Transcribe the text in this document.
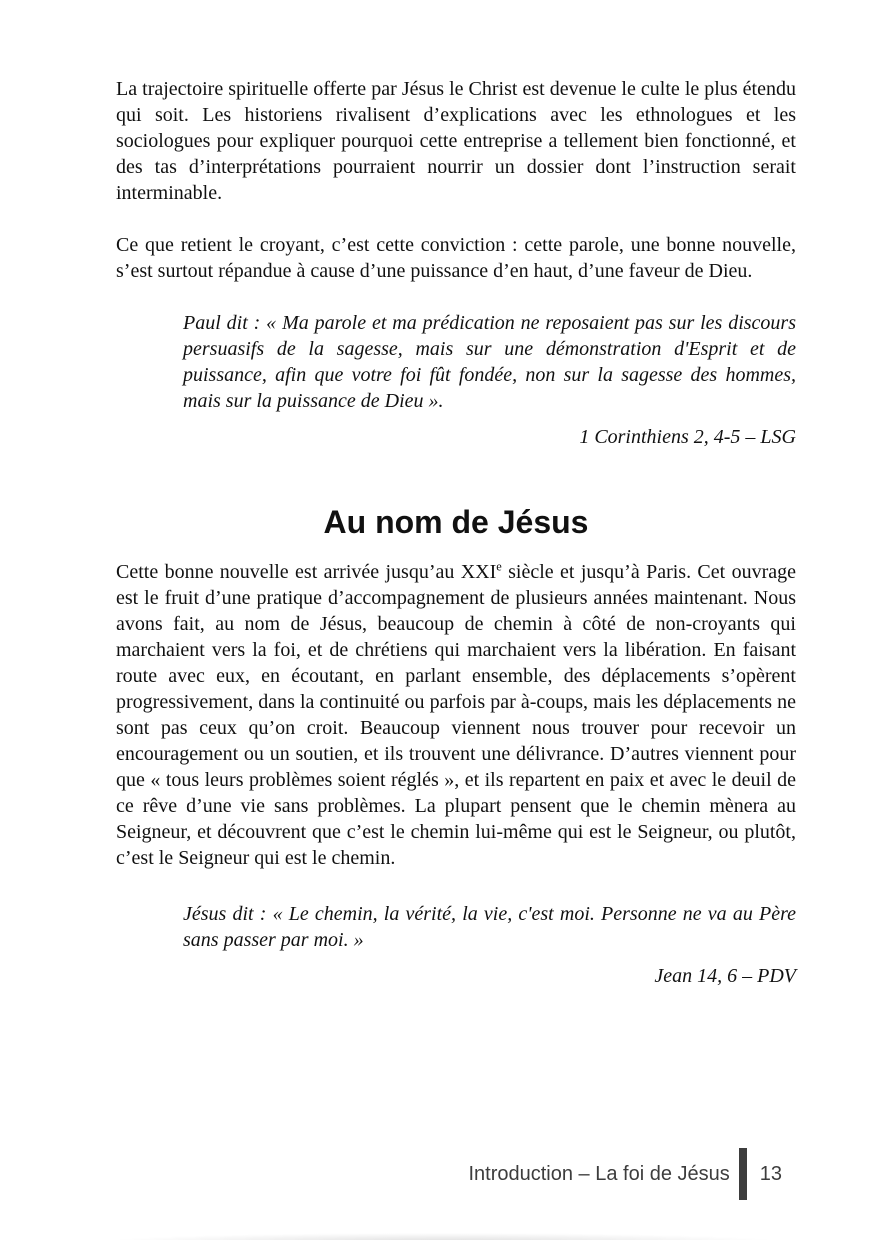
La trajectoire spirituelle offerte par Jésus le Christ est devenue le culte le plus étendu qui soit. Les historiens rivalisent d’explications avec les ethnologues et les sociologues pour expliquer pourquoi cette entreprise a tellement bien fonctionné, et des tas d’interprétations pourraient nourrir un dossier dont l’instruction serait interminable.

Ce que retient le croyant, c’est cette conviction : cette parole, une bonne nouvelle, s’est surtout répandue à cause d’une puissance d’en haut, d’une faveur de Dieu.

Paul dit : « Ma parole et ma prédication ne reposaient pas sur les discours persuasifs de la sagesse, mais sur une démonstration d'Esprit et de puissance, afin que votre foi fût fondée, non sur la sagesse des hommes, mais sur la puissance de Dieu ».

1 Corinthiens 2, 4-5 – LSG

Au nom de Jésus

Cette bonne nouvelle est arrivée jusqu’au XXIe siècle et jusqu’à Paris. Cet ouvrage est le fruit d’une pratique d’accompagnement de plusieurs années maintenant. Nous avons fait, au nom de Jésus, beaucoup de chemin à côté de non-croyants qui marchaient vers la foi, et de chrétiens qui marchaient vers la libération. En faisant route avec eux, en écoutant, en parlant ensemble, des déplacements s’opèrent progressivement, dans la continuité ou parfois par à-coups, mais les déplacements ne sont pas ceux qu’on croit. Beaucoup viennent nous trouver pour recevoir un encouragement ou un soutien, et ils trouvent une délivrance. D’autres viennent pour que « tous leurs problèmes soient réglés », et ils repartent en paix et avec le deuil de ce rêve d’une vie sans problèmes. La plupart pensent que le chemin mènera au Seigneur, et découvrent que c’est le chemin lui-même qui est le Seigneur, ou plutôt, c’est le Seigneur qui est le chemin.

Jésus dit : « Le chemin, la vérité, la vie, c'est moi. Personne ne va au Père sans passer par moi. »

Jean 14, 6 – PDV

Introduction – La foi de Jésus 13
